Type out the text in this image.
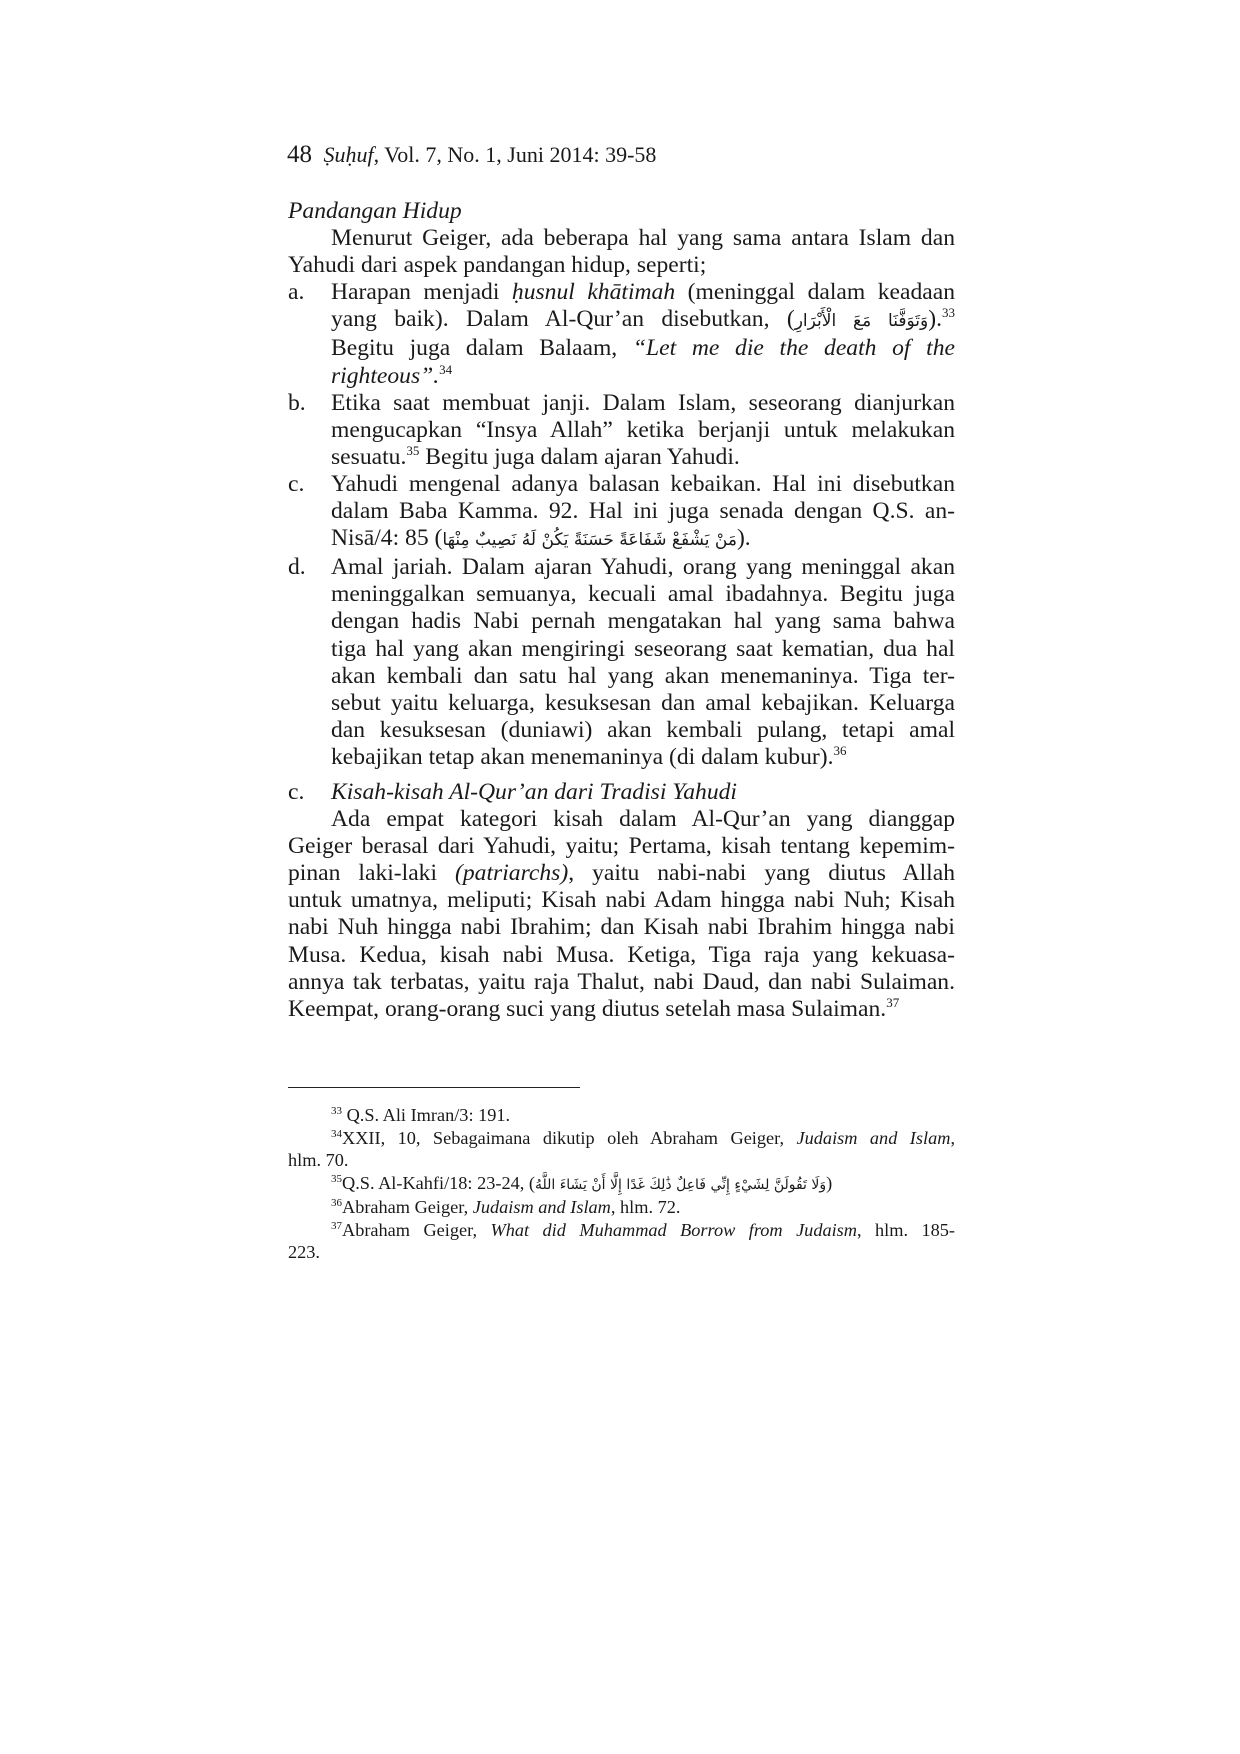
48 Ṣuḥuf, Vol. 7, No. 1, Juni 2014: 39-58
Pandangan Hidup
Menurut Geiger, ada beberapa hal yang sama antara Islam dan
Yahudi dari aspek pandangan hidup, seperti;
a. Harapan menjadi ḥusnul khātimah (meninggal dalam keadaan
yang baik). Dalam Al-Qur’an disebutkan, (وَتَوَفَّنَا مَعَ الْأَبْرَارِ).$^{33}$
Begitu juga dalam Balaam, “Let me die the death of the
righteous”.$^{34}$
b. Etika saat membuat janji. Dalam Islam, seseorang dianjurkan
mengucapkan “Insya Allah” ketika berjanji untuk melakukan
sesuatu.$^{35}$ Begitu juga dalam ajaran Yahudi.
c. Yahudi mengenal adanya balasan kebaikan. Hal ini disebutkan
dalam Baba Kamma. 92. Hal ini juga senada dengan Q.S. an-
Nisā/4: 85 (مَنْ يَشْفَعْ شَفَاعَةً حَسَنَةً يَكُنْ لَهُ نَصِيبٌ مِنْهَا).
d. Amal jariah. Dalam ajaran Yahudi, orang yang meninggal akan
meninggalkan semuanya, kecuali amal ibadahnya. Begitu juga
dengan hadis Nabi pernah mengatakan hal yang sama bahwa
tiga hal yang akan mengiringi seseorang saat kematian, dua hal
akan kembali dan satu hal yang akan menemaninya. Tiga ter-
sebut yaitu keluarga, kesuksesan dan amal kebajikan. Keluarga
dan kesuksesan (duniawi) akan kembali pulang, tetapi amal
kebajikan tetap akan menemaninya (di dalam kubur).$^{36}$
c. Kisah-kisah Al-Qur’an dari Tradisi Yahudi
Ada empat kategori kisah dalam Al-Qur’an yang dianggap
Geiger berasal dari Yahudi, yaitu; Pertama, kisah tentang kepemim-
pinan laki-laki (patriarchs), yaitu nabi-nabi yang diutus Allah
untuk umatnya, meliputi; Kisah nabi Adam hingga nabi Nuh; Kisah
nabi Nuh hingga nabi Ibrahim; dan Kisah nabi Ibrahim hingga nabi
Musa. Kedua, kisah nabi Musa. Ketiga, Tiga raja yang kekuasa-
annya tak terbatas, yaitu raja Thalut, nabi Daud, dan nabi Sulaiman.
Keempat, orang-orang suci yang diutus setelah masa Sulaiman.$^{37}$
$^{33}$ Q.S. Ali Imran/3: 191.
$^{34}$XXII, 10, Sebagaimana dikutip oleh Abraham Geiger, Judaism and Islam,
hlm. 70.
$^{35}$Q.S. Al-Kahfi/18: 23-24, (وَلَا تَقُولَنَّ لِشَيْءٍ إِنِّي فَاعِلٌ ذَٰلِكَ غَدًا إِلَّا أَنْ يَشَاءَ اللَّهُ)
$^{36}$Abraham Geiger, Judaism and Islam, hlm. 72.
$^{37}$Abraham Geiger, What did Muhammad Borrow from Judaism, hlm. 185-
223.
